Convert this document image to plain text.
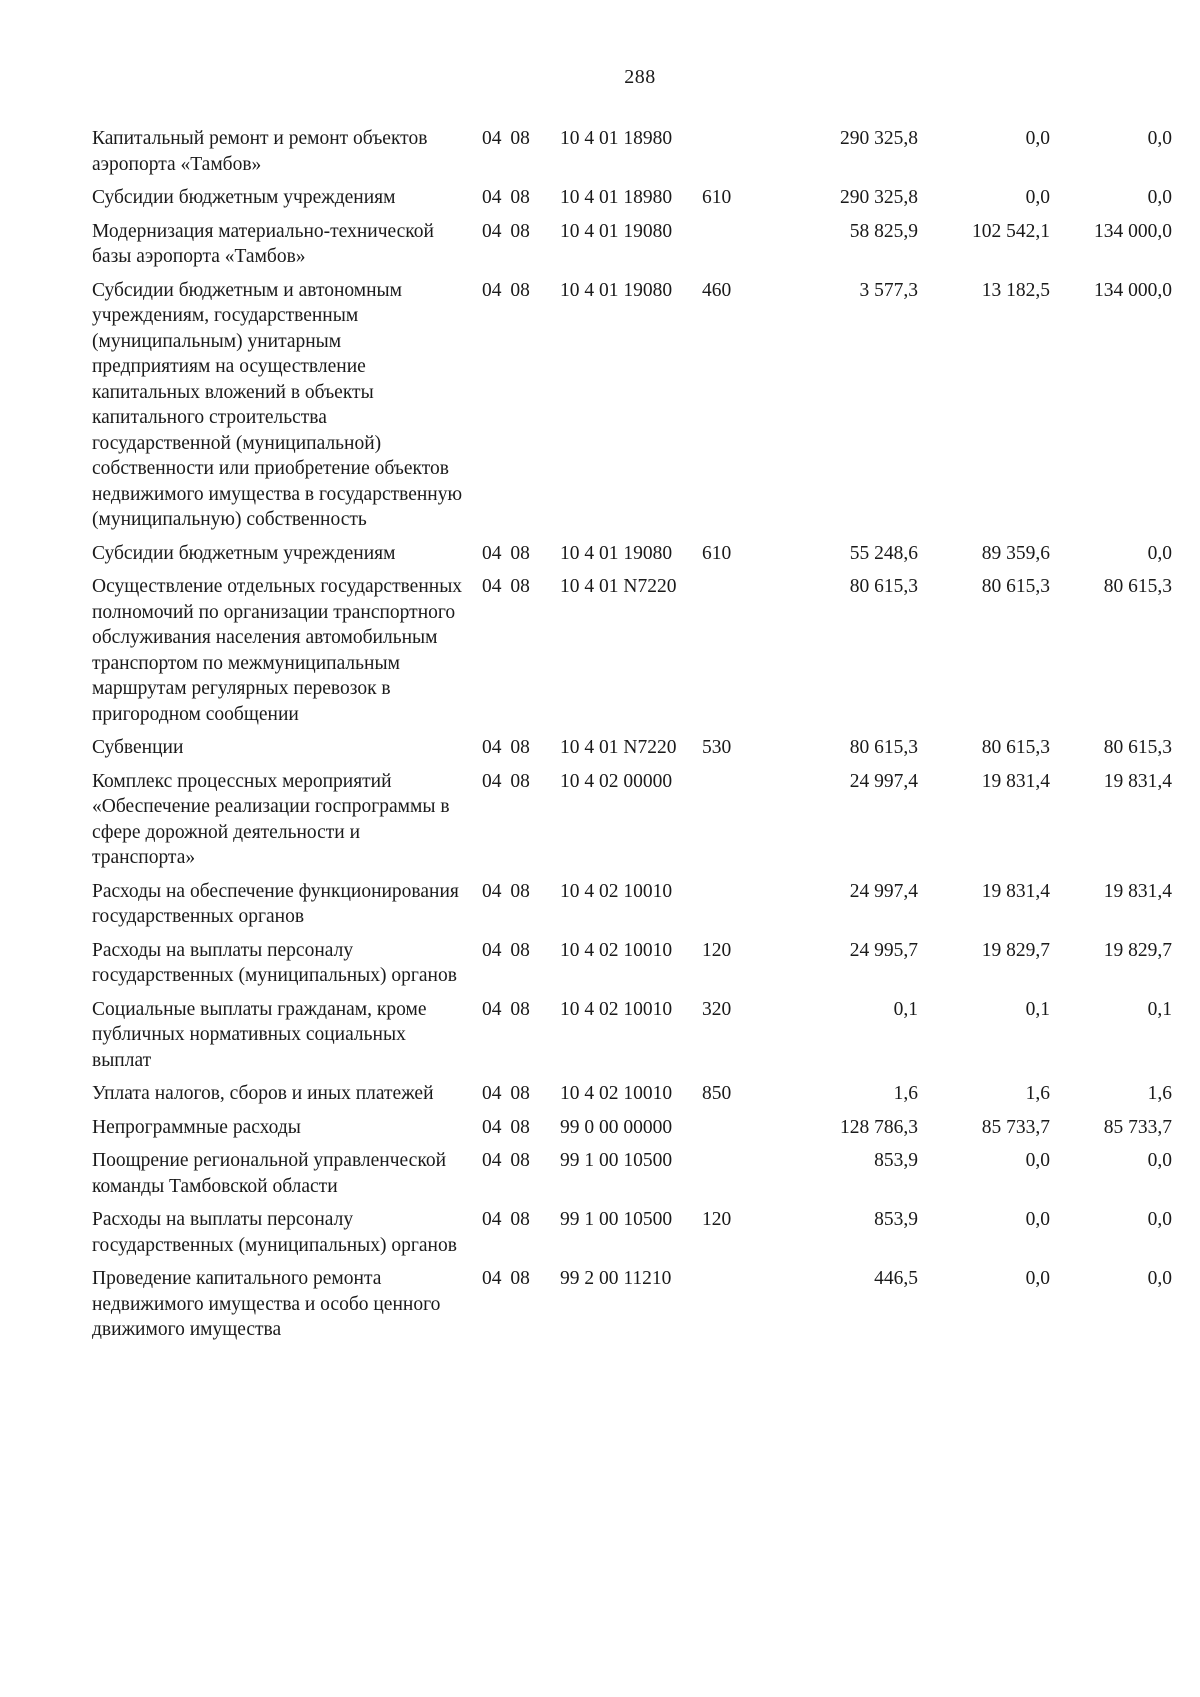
288
Капитальный ремонт и ремонт объектов аэропорта «Тамбов»	04 08	10 4 01 18980		290 325,8	0,0	0,0
Субсидии бюджетным учреждениям	04 08	10 4 01 18980	610	290 325,8	0,0	0,0
Модернизация материально-технической базы аэропорта «Тамбов»	04 08	10 4 01 19080		58 825,9	102 542,1	134 000,0
Субсидии бюджетным и автономным учреждениям, государственным (муниципальным) унитарным предприятиям на осуществление капитальных вложений в объекты капитального строительства государственной (муниципальной) собственности или приобретение объектов недвижимого имущества в государственную (муниципальную) собственность	04 08	10 4 01 19080	460	3 577,3	13 182,5	134 000,0
Субсидии бюджетным учреждениям	04 08	10 4 01 19080	610	55 248,6	89 359,6	0,0
Осуществление отдельных государственных полномочий по организации транспортного обслуживания населения автомобильным транспортом по межмуниципальным маршрутам регулярных перевозок в пригородном сообщении	04 08	10 4 01 N7220		80 615,3	80 615,3	80 615,3
Субвенции	04 08	10 4 01 N7220	530	80 615,3	80 615,3	80 615,3
Комплекс процессных мероприятий «Обеспечение реализации госпрограммы в сфере дорожной деятельности и транспорта»	04 08	10 4 02 00000		24 997,4	19 831,4	19 831,4
Расходы на обеспечение функционирования государственных органов	04 08	10 4 02 10010		24 997,4	19 831,4	19 831,4
Расходы на выплаты персоналу государственных (муниципальных) органов	04 08	10 4 02 10010	120	24 995,7	19 829,7	19 829,7
Социальные выплаты гражданам, кроме публичных нормативных социальных выплат	04 08	10 4 02 10010	320	0,1	0,1	0,1
Уплата налогов, сборов и иных платежей	04 08	10 4 02 10010	850	1,6	1,6	1,6
Непрограммные расходы	04 08	99 0 00 00000		128 786,3	85 733,7	85 733,7
Поощрение региональной управленческой команды Тамбовской области	04 08	99 1 00 10500		853,9	0,0	0,0
Расходы на выплаты персоналу государственных (муниципальных) органов	04 08	99 1 00 10500	120	853,9	0,0	0,0
Проведение капитального ремонта недвижимого имущества и особо ценного движимого имущества	04 08	99 2 00 11210		446,5	0,0	0,0
